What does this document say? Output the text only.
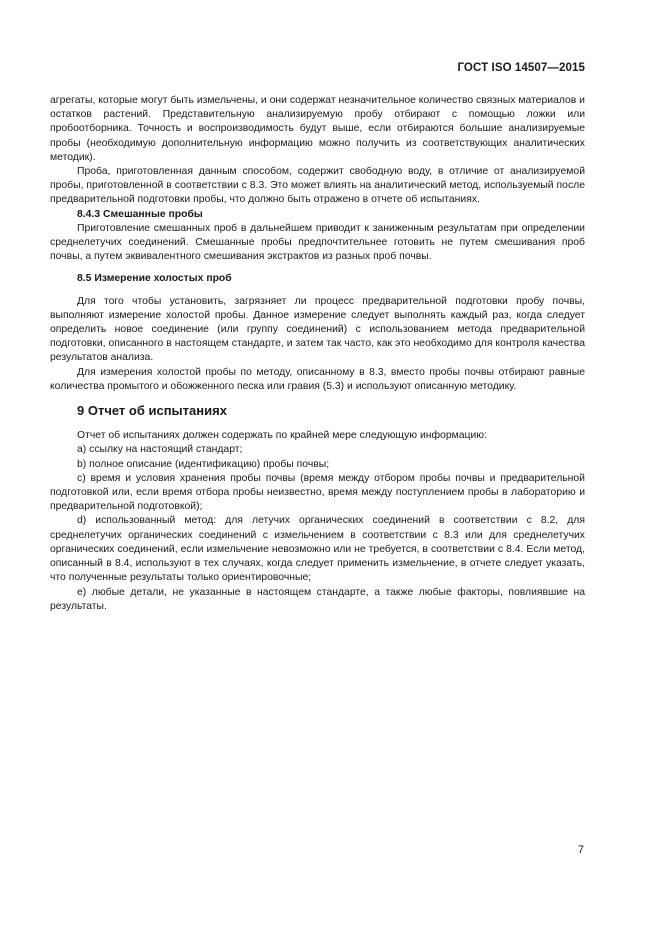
ГОСТ ISO 14507—2015

агрегаты, которые могут быть измельчены, и они содержат незначительное количество связных материалов и остатков растений. Представительную анализируемую пробу отбирают с помощью ложки или пробоотборника. Точность и воспроизводимость будут выше, если отбираются большие анализируемые пробы (необходимую дополнительную информацию можно получить из соответствующих аналитических методик).

Проба, приготовленная данным способом, содержит свободную воду, в отличие от анализируемой пробы, приготовленной в соответствии с 8.3. Это может влиять на аналитический метод, используемый после предварительной подготовки пробы, что должно быть отражено в отчете об испытаниях.

8.4.3 Смешанные пробы

Приготовление смешанных проб в дальнейшем приводит к заниженным результатам при определении среднелетучих соединений. Смешанные пробы предпочтительнее готовить не путем смешивания проб почвы, а путем эквивалентного смешивания экстрактов из разных проб почвы.

8.5 Измерение холостых проб

Для того чтобы установить, загрязняет ли процесс предварительной подготовки пробу почвы, выполняют измерение холостой пробы. Данное измерение следует выполнять каждый раз, когда следует определить новое соединение (или группу соединений) с использованием метода предварительной подготовки, описанного в настоящем стандарте, и затем так часто, как это необходимо для контроля качества результатов анализа.

Для измерения холостой пробы по методу, описанному в 8.3, вместо пробы почвы отбирают равные количества промытого и обожженного песка или гравия (5.3) и используют описанную методику.

9 Отчет об испытаниях

Отчет об испытаниях должен содержать по крайней мере следующую информацию:

a) ссылку на настоящий стандарт;

b) полное описание (идентификацию) пробы почвы;

c) время и условия хранения пробы почвы (время между отбором пробы почвы и предварительной подготовкой или, если время отбора пробы неизвестно, время между поступлением пробы в лабораторию и предварительной подготовкой);

d) использованный метод: для летучих органических соединений в соответствии с 8.2, для среднелетучих органических соединений с измельчением в соответствии с 8.3 или для среднелетучих органических соединений, если измельчение невозможно или не требуется, в соответствии с 8.4. Если метод, описанный в 8.4, используют в тех случаях, когда следует применить измельчение, в отчете следует указать, что полученные результаты только ориентировочные;

e) любые детали, не указанные в настоящем стандарте, а также любые факторы, повлиявшие на результаты.

7
